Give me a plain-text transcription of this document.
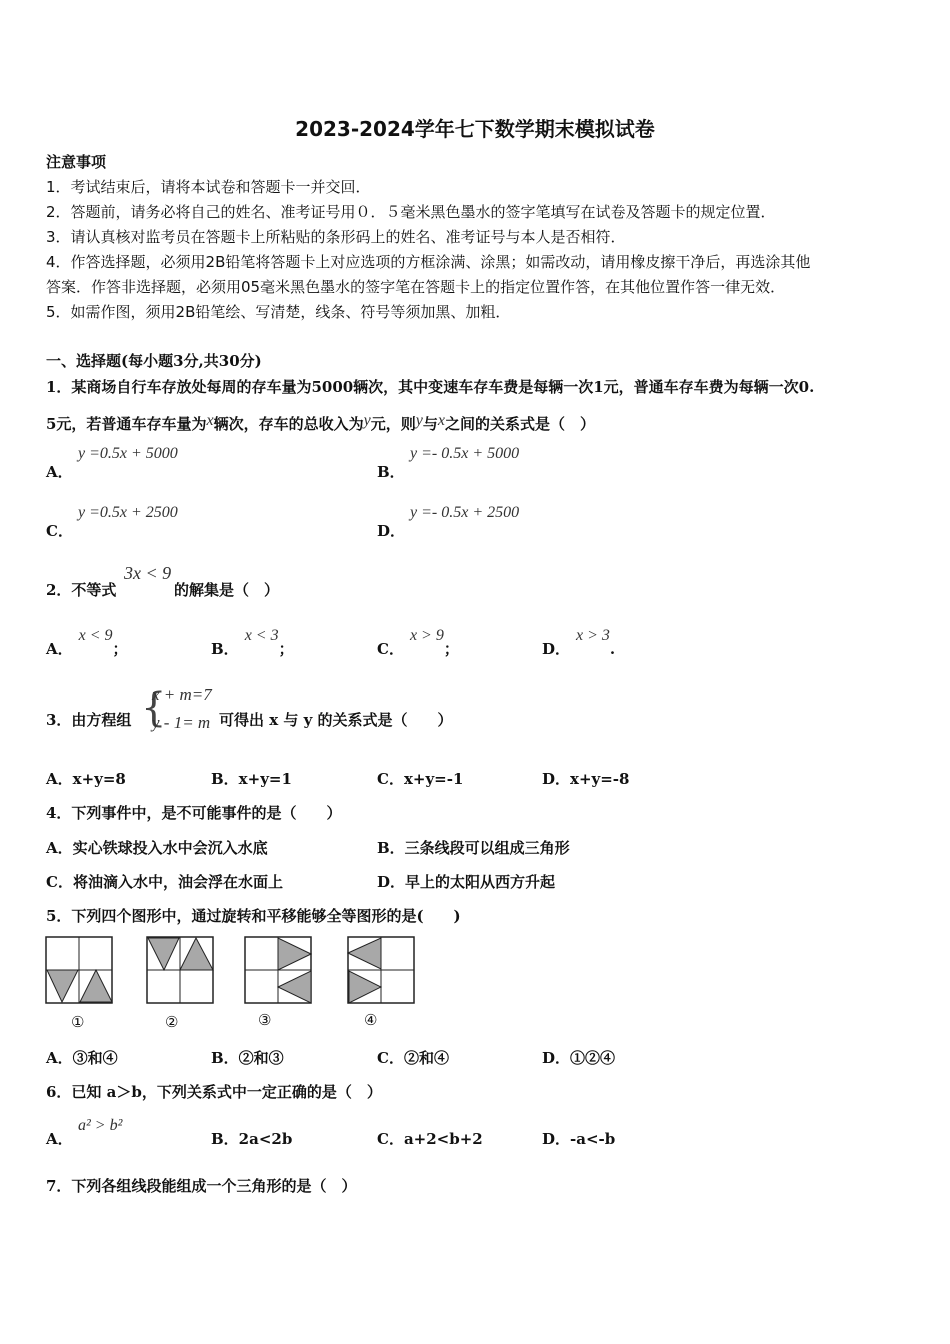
2023-2024学年七下数学期末模拟试卷
注意事项
1．考试结束后，请将本试卷和答题卡一并交回．
2．答题前，请务必将自己的姓名、准考证号用０．５毫米黑色墨水的签字笔填写在试卷及答题卡的规定位置．
3．请认真核对监考员在答题卡上所粘贴的条形码上的姓名、准考证号与本人是否相符．
4．作答选择题，必须用2B铅笔将答题卡上对应选项的方框涂满、涂黑；如需改动，请用橡皮擦干净后，再选涂其他
答案．作答非选择题，必须用05毫米黑色墨水的签字笔在答题卡上的指定位置作答，在其他位置作答一律无效．
5．如需作图，须用2B铅笔绘、写清楚，线条、符号等须加黑、加粗．
一、选择题(每小题3分,共30分)
1．某商场自行车存放处每周的存车量为5000辆次，其中变速车存车费是每辆一次1元，普通车存车费为每辆一次0.
5元，若普通车存车量为x辆次，存车的总收入为y元，则y与x之间的关系式是（　）
A．
y =0.5x + 5000
B．
y =- 0.5x + 5000
C．
y =0.5x + 2500
D．
y =- 0.5x + 2500
2．不等式
3x < 9
的解集是（　）
A．x < 9；	B．x < 3；	C．x > 9；	D．x > 3.
3．由方程组 {
x + m=7
y - 1= m 可得出 x 与 y 的关系式是（　　）
A．x+y=8	B．x+y=1	C．x+y=-1	D．x+y=-8
4．下列事件中，是不可能事件的是（　　）
A．实心铁球投入水中会沉入水底	B．三条线段可以组成三角形
C．将油滴入水中，油会浮在水面上	D．早上的太阳从西方升起
5．下列四个图形中，通过旋转和平移能够全等图形的是(　　)
①	②	③	④
A．③和④	B．②和③	C．②和④	D．①②④
6．已知 a＞b，下列关系式中一定正确的是（　）
A．
a² > b²
B．2a<2b	C．a+2<b+2	D．-a<-b
7．下列各组线段能组成一个三角形的是（　）
